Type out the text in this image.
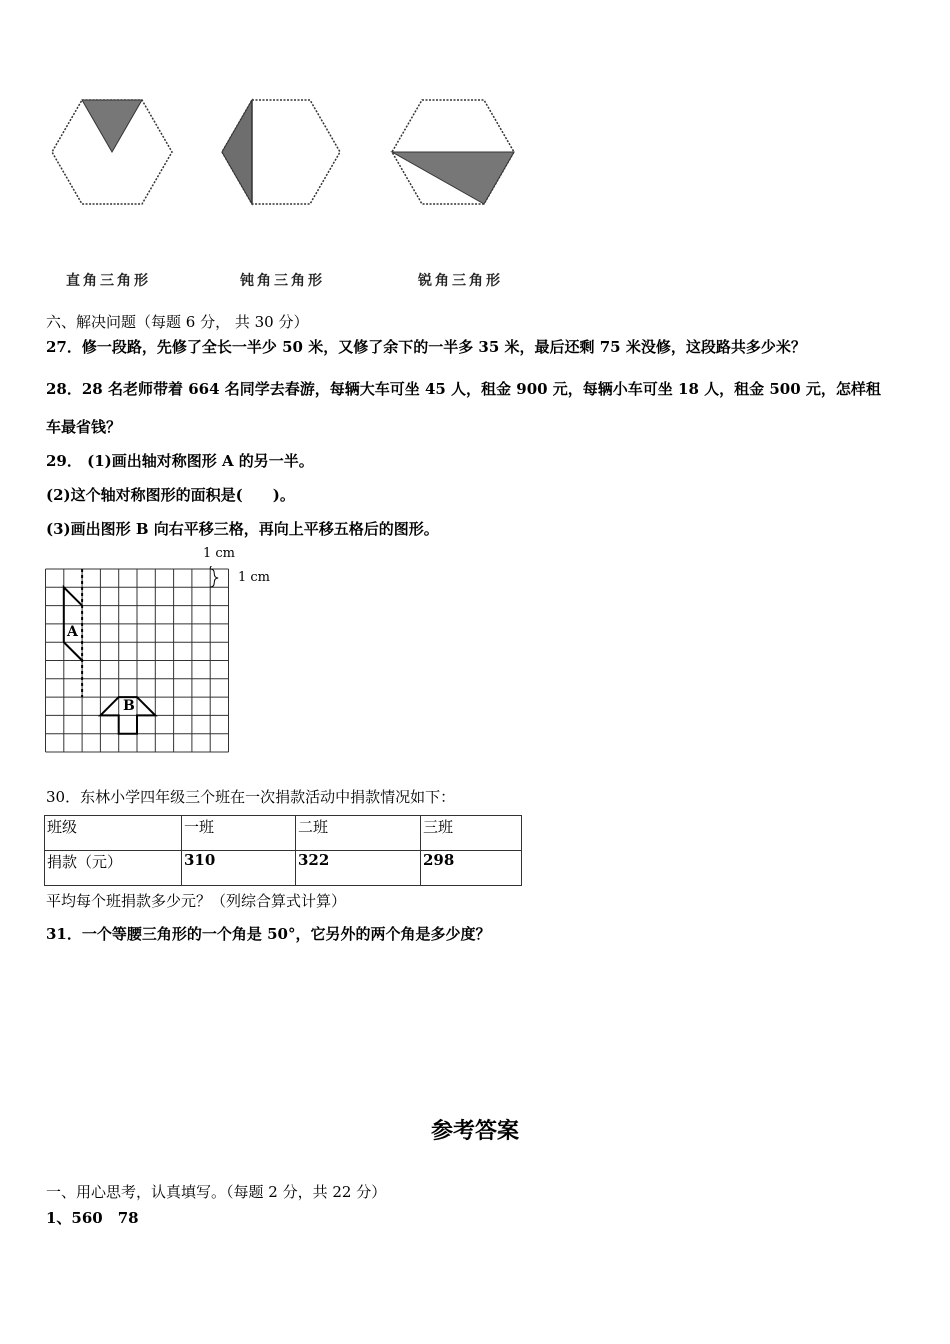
直角三角形	钝角三角形	锐角三角形
六、解决问题（每题 6 分， 共 30 分）
27．修一段路，先修了全长一半少 50 米，又修了余下的一半多 35 米，最后还剩 75 米没修，这段路共多少米？
28．28 名老师带着 664 名同学去春游，每辆大车可坐 45 人，租金 900 元，每辆小车可坐 18 人，租金 500 元，怎样租
车最省钱？
29． (1)画出轴对称图形 A 的另一半。
(2)这个轴对称图形的面积是(　　)。
(3)画出图形 B 向右平移三格，再向上平移五格后的图形。
1 cm
1 cm
A
B
30．东林小学四年级三个班在一次捐款活动中捐款情况如下：
班级	一班	二班	三班
捐款（元）	310	322	298
平均每个班捐款多少元？（列综合算式计算）
31．一个等腰三角形的一个角是 50°，它另外的两个角是多少度？
参考答案
一、用心思考，认真填写。（每题 2 分，共 22 分）
1、560　78
